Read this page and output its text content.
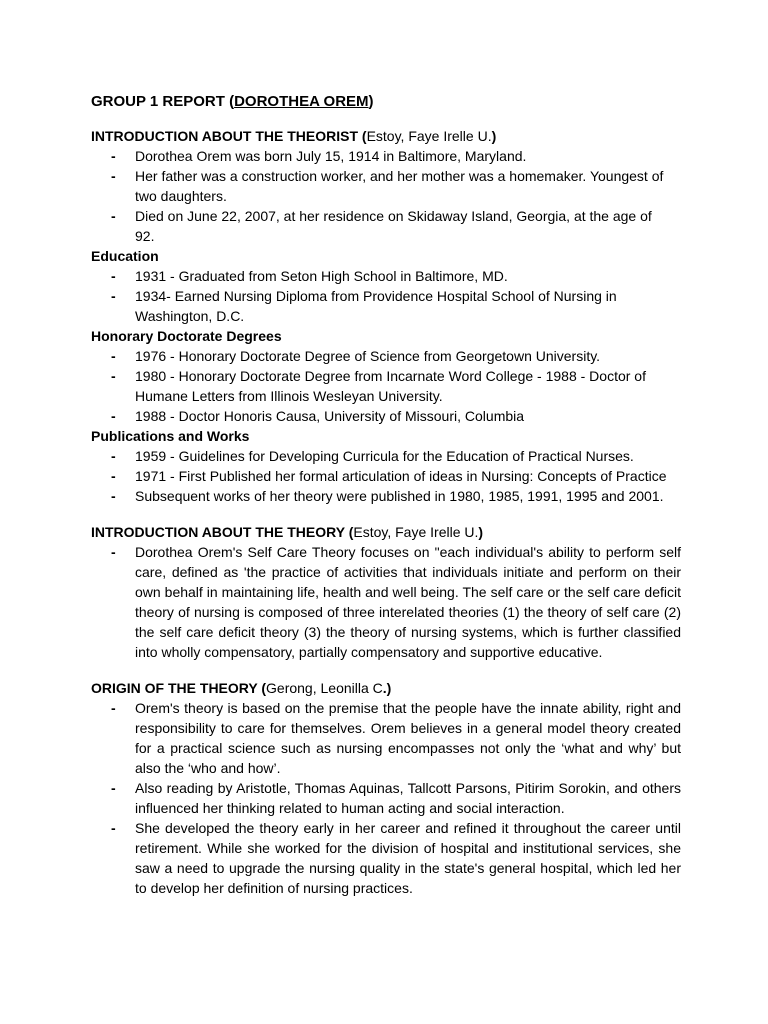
GROUP 1 REPORT (DOROTHEA OREM)

INTRODUCTION ABOUT THE THEORIST (Estoy, Faye Irelle U.)

- Dorothea Orem was born July 15, 1914 in Baltimore, Maryland.
- Her father was a construction worker, and her mother was a homemaker. Youngest of two daughters.
- Died on June 22, 2007, at her residence on Skidaway Island, Georgia, at the age of 92.

Education

- 1931 - Graduated from Seton High School in Baltimore, MD.
- 1934- Earned Nursing Diploma from Providence Hospital School of Nursing in Washington, D.C.

Honorary Doctorate Degrees

- 1976 - Honorary Doctorate Degree of Science from Georgetown University.
- 1980 - Honorary Doctorate Degree from Incarnate Word College - 1988 - Doctor of Humane Letters from Illinois Wesleyan University.
- 1988 - Doctor Honoris Causa, University of Missouri, Columbia

Publications and Works

- 1959 - Guidelines for Developing Curricula for the Education of Practical Nurses.
- 1971 - First Published her formal articulation of ideas in Nursing: Concepts of Practice
- Subsequent works of her theory were published in 1980, 1985, 1991, 1995 and 2001.

INTRODUCTION ABOUT THE THEORY (Estoy, Faye Irelle U.)

- Dorothea Orem's Self Care Theory focuses on "each individual's ability to perform self care, defined as 'the practice of activities that individuals initiate and perform on their own behalf in maintaining life, health and well being. The self care or the self care deficit theory of nursing is composed of three interelated theories (1) the theory of self care (2) the self care deficit theory (3) the theory of nursing systems, which is further classified into wholly compensatory, partially compensatory and supportive educative.

ORIGIN OF THE THEORY (Gerong, Leonilla C.)

- Orem's theory is based on the premise that the people have the innate ability, right and responsibility to care for themselves. Orem believes in a general model theory created for a practical science such as nursing encompasses not only the ‘what and why’ but also the ‘who and how’.
- Also reading by Aristotle, Thomas Aquinas, Tallcott Parsons, Pitirim Sorokin, and others influenced her thinking related to human acting and social interaction.
- She developed the theory early in her career and refined it throughout the career until retirement. While she worked for the division of hospital and institutional services, she saw a need to upgrade the nursing quality in the state's general hospital, which led her to develop her definition of nursing practices.
